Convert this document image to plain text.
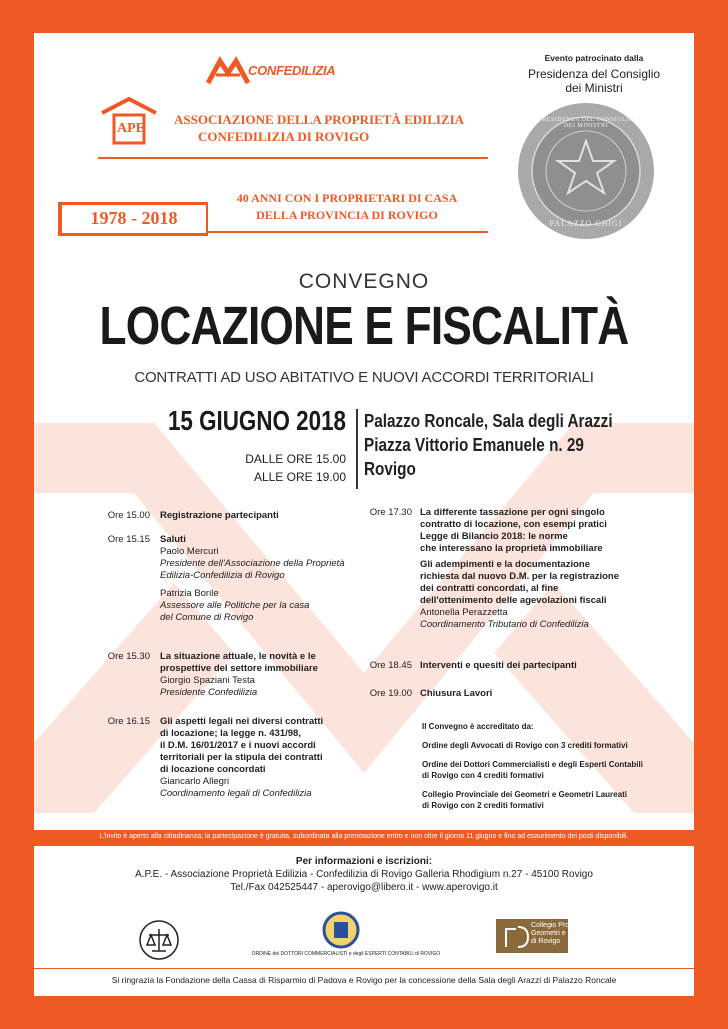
CONFEDILIZIA
APE
ASSOCIAZIONE DELLA PROPRIETÀ EDILIZIA
CONFEDILIZIA DI ROVIGO
40 ANNI CON I PROPRIETARI DI CASA
DELLA PROVINCIA DI ROVIGO
1978 - 2018
Evento patrocinato dalla
Presidenza del Consiglio
dei Ministri
PRESIDENZA DEL CONSIGLIO DEI MINISTRI
PALAZZO CHIGI
CONVEGNO
LOCAZIONE E FISCALITÀ
CONTRATTI AD USO ABITATIVO E NUOVI ACCORDI TERRITORIALI
15 GIUGNO 2018
DALLE ORE 15.00
ALLE ORE 19.00
Palazzo Roncale, Sala degli Arazzi
Piazza Vittorio Emanuele n. 29
Rovigo
Ore 15.00 Registrazione partecipanti
Ore 15.15 Saluti
Paolo Mercuri
Presidente dell'Associazione della Proprietà
Edilizia-Confedilizia di Rovigo
Patrizia Borile
Assessore alle Politiche per la casa
del Comune di Rovigo
Ore 15.30 La situazione attuale, le novità e le
prospettive del settore immobiliare
Giorgio Spaziani Testa
Presidente Confedilizia
Ore 16.15 Gli aspetti legali nei diversi contratti
di locazione; la legge n. 431/98,
il D.M. 16/01/2017 e i nuovi accordi
territoriali per la stipula dei contratti
di locazione concordati
Giancarlo Allegri
Coordinamento legali di Confedilizia
Ore 17.30 La differente tassazione per ogni singolo
contratto di locazione, con esempi pratici
Legge di Bilancio 2018: le norme
che interessano la proprietà immobiliare
Gli adempimenti e la documentazione
richiesta dal nuovo D.M. per la registrazione
dei contratti concordati, al fine
dell'ottenimento delle agevolazioni fiscali
Antonella Perazzetta
Coordinamento Tributario di Confedilizia
Ore 18.45 Interventi e quesiti dei partecipanti
Ore 19.00 Chiusura Lavori
Il Convegno è accreditato da:
Ordine degli Avvocati di Rovigo con 3 crediti formativi
Ordine dei Dottori Commercialisti e degli Esperti Contabili
di Rovigo con 4 crediti formativi
Collegio Provinciale dei Geometri e Geometri Laureati
di Rovigo con 2 crediti formativi
L'invito è aperto alla cittadinanza; la partecipazione è gratuita, subordinata alla prenotazione entro e non oltre il giorno 11 giugno e fino ad esaurimento dei posti disponibili.
Per informazioni e iscrizioni:
A.P.E. - Associazione Proprietà Edilizia - Confedilizia di Rovigo Galleria Rhodigium n.27 - 45100 Rovigo
Tel./Fax 042525447 - aperovigo@libero.it - www.aperovigo.it
ORDINE dei DOTTORI COMMERCIALISTI e degli ESPERTI CONTABILI di ROVIGO
Collegio Provinciale
Geometri e Geometri Laureati
di Rovigo
Si ringrazia la Fondazione della Cassa di Risparmio di Padova e Rovigo per la concessione della Sala degli Arazzi di Palazzo Roncale
